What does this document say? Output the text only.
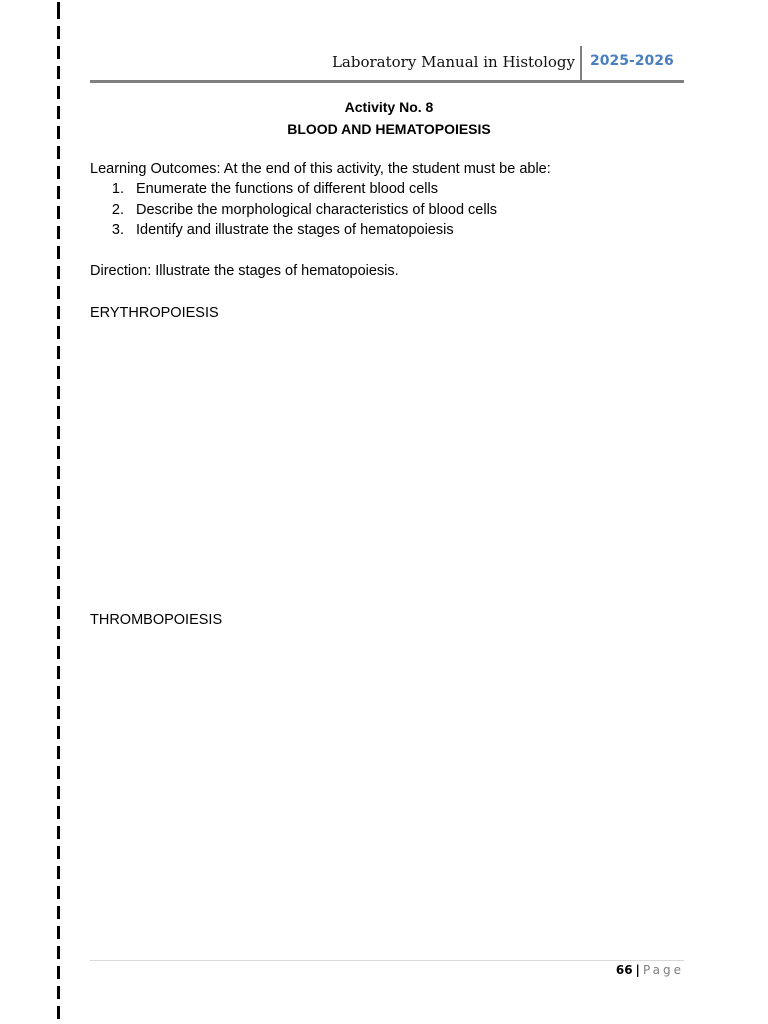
Laboratory Manual in Histology 2025-2026
Activity No. 8
BLOOD AND HEMATOPOIESIS
Learning Outcomes: At the end of this activity, the student must be able:
1. Enumerate the functions of different blood cells
2. Describe the morphological characteristics of blood cells
3. Identify and illustrate the stages of hematopoiesis
Direction: Illustrate the stages of hematopoiesis.
ERYTHROPOIESIS
THROMBOPOIESIS
66 | Page
